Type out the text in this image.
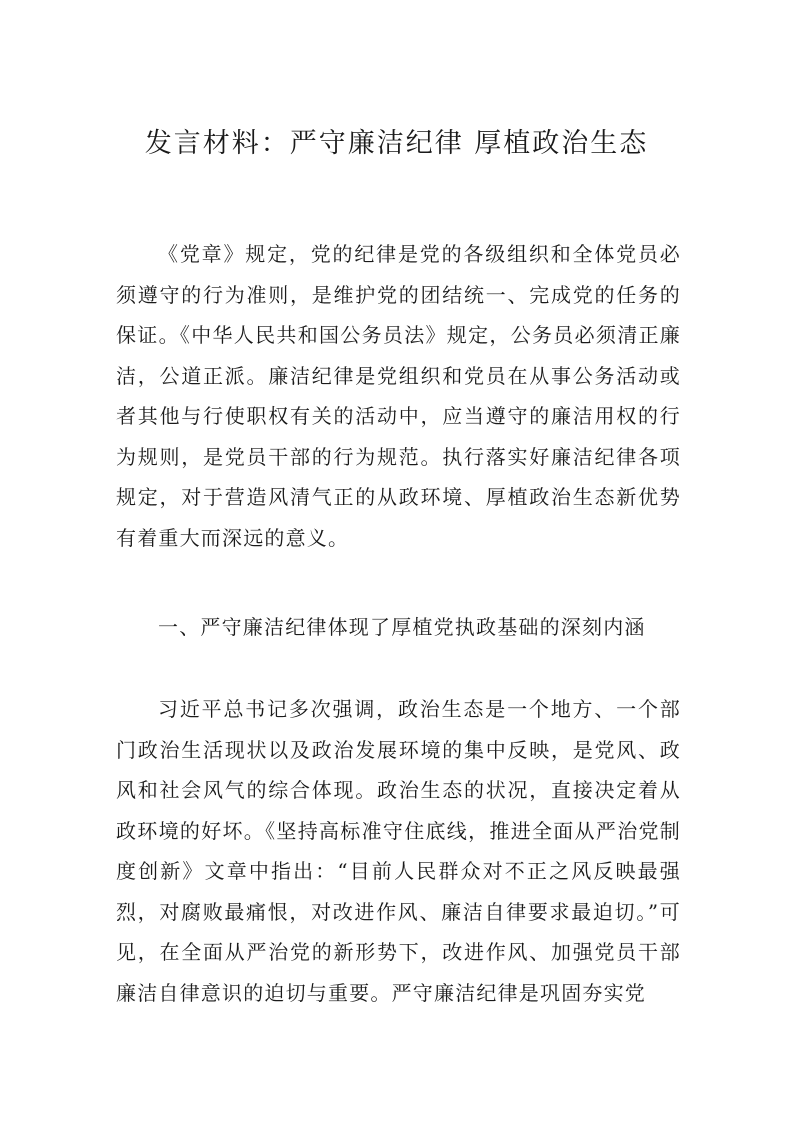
发言材料：严守廉洁纪律 厚植政治生态

《党章》规定，党的纪律是党的各级组织和全体党员必须遵守的行为准则，是维护党的团结统一、完成党的任务的保证。《中华人民共和国公务员法》规定，公务员必须清正廉洁，公道正派。廉洁纪律是党组织和党员在从事公务活动或者其他与行使职权有关的活动中，应当遵守的廉洁用权的行为规则，是党员干部的行为规范。执行落实好廉洁纪律各项规定，对于营造风清气正的从政环境、厚植政治生态新优势有着重大而深远的意义。

一、严守廉洁纪律体现了厚植党执政基础的深刻内涵

习近平总书记多次强调，政治生态是一个地方、一个部门政治生活现状以及政治发展环境的集中反映，是党风、政风和社会风气的综合体现。政治生态的状况，直接决定着从政环境的好坏。《坚持高标准守住底线，推进全面从严治党制度创新》文章中指出：“目前人民群众对不正之风反映最强烈，对腐败最痛恨，对改进作风、廉洁自律要求最迫切。”可见，在全面从严治党的新形势下，改进作风、加强党员干部廉洁自律意识的迫切与重要。严守廉洁纪律是巩固夯实党
